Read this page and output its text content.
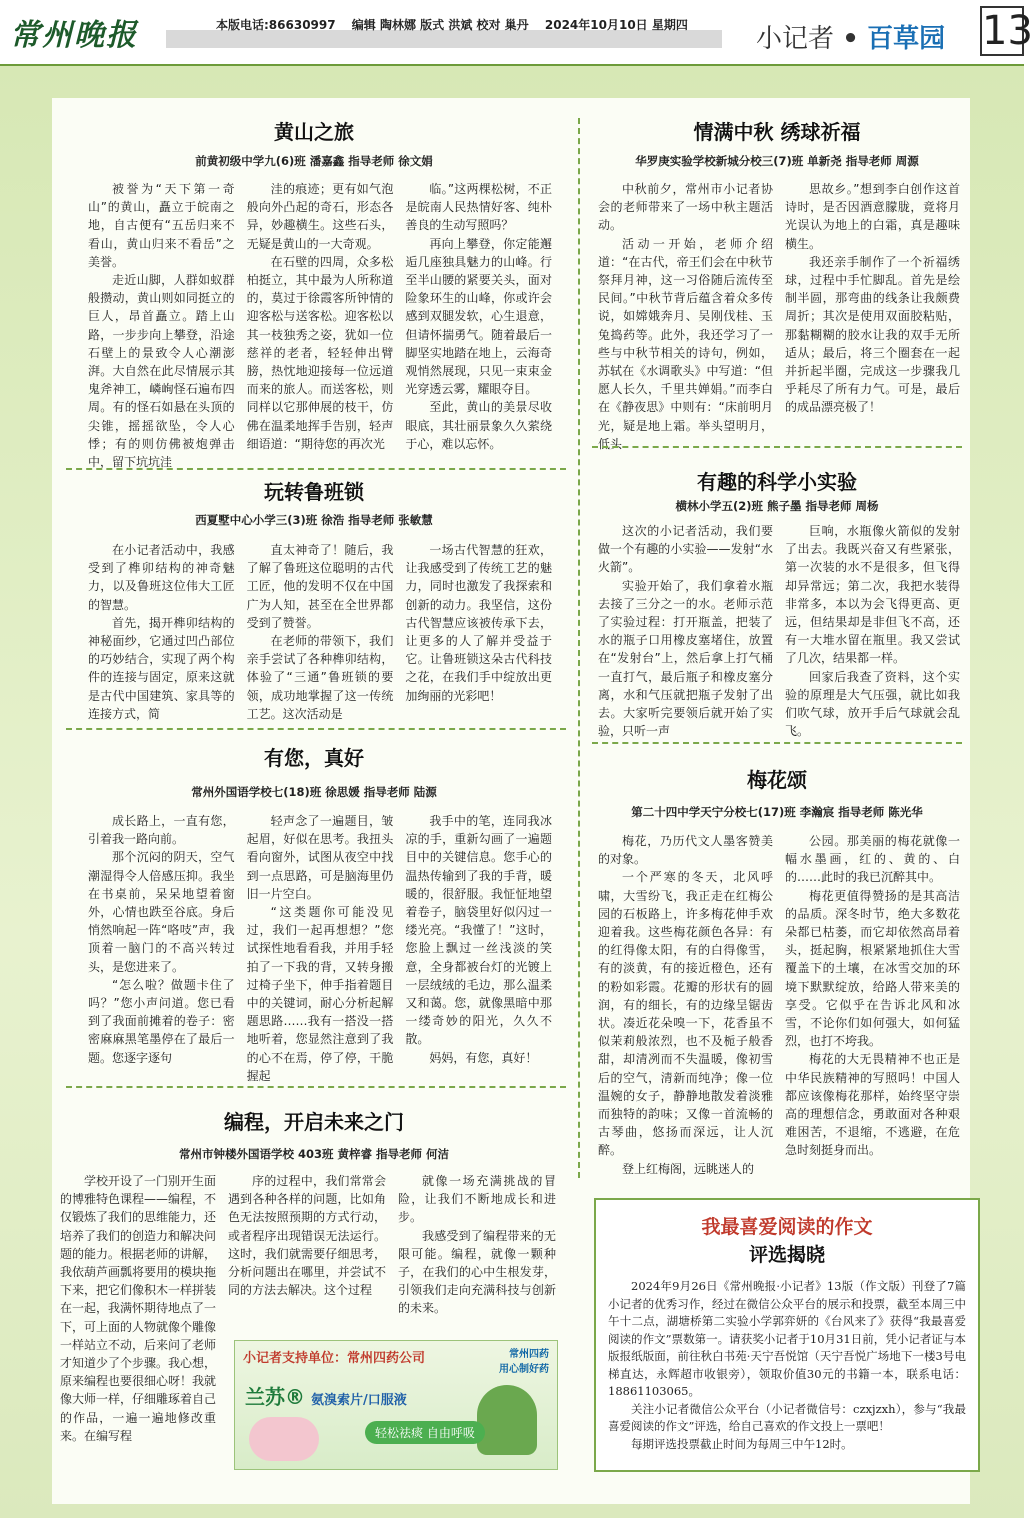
常州晚报	本版电话:86630997 编辑 陶林娜 版式 洪斌 校对 巢丹 2024年10月10日 星期四	小记者 • 百草园 13
黄山之旅
前黄初级中学九(6)班 潘嘉鑫 指导老师 徐文娟

被誉为“天下第一奇山”的黄山，矗立于皖南之地，自古便有“五岳归来不看山，黄山归来不看岳”之美誉。

走近山脚，人群如蚁群般攒动，黄山则如同挺立的巨人，昂首矗立。踏上山路，一步步向上攀登，沿途石壁上的景致令人心潮澎湃。大自然在此尽情展示其鬼斧神工，嶙峋怪石遍布四周。有的怪石如悬在头顶的尖锥，摇摇欲坠，令人心悸；有的则仿佛被炮弹击中，留下坑坑洼

洼的痕迹；更有如气泡般向外凸起的奇石，形态各异，妙趣横生。这些石头，无疑是黄山的一大奇观。

在石壁的四周，众多松柏挺立，其中最为人所称道的，莫过于徐霞客所钟情的迎客松与送客松。迎客松以其一枝独秀之姿，犹如一位慈祥的老者，轻轻伸出臂膀，热忱地迎接每一位远道而来的旅人。而送客松，则同样以它那伸展的枝干，仿佛在温柔地挥手告别，轻声细语道：“期待您的再次光

临。”这两棵松树，不正是皖南人民热情好客、纯朴善良的生动写照吗？

再向上攀登，你定能邂逅几座独具魅力的山峰。行至半山腰的紧要关头，面对险象环生的山峰，你或许会感到双腿发软，心生退意，但请怀揣勇气。随着最后一脚坚实地踏在地上，云海奇观悄然展现，只见一束束金光穿透云雾，耀眼夺目。

至此，黄山的美景尽收眼底，其壮丽景象久久萦绕于心，难以忘怀。

玩转鲁班锁
西夏墅中心小学三(3)班 徐浩 指导老师 张敏慧

在小记者活动中，我感受到了榫卯结构的神奇魅力，以及鲁班这位伟大工匠的智慧。

首先，揭开榫卯结构的神秘面纱，它通过凹凸部位的巧妙结合，实现了两个构件的连接与固定，原来这就是古代中国建筑、家具等的连接方式，简

直太神奇了！随后，我了解了鲁班这位聪明的古代工匠，他的发明不仅在中国广为人知，甚至在全世界都受到了赞誉。

在老师的带领下，我们亲手尝试了各种榫卯结构，体验了“三通”鲁班锁的要领，成功地掌握了这一传统工艺。这次活动是

一场古代智慧的狂欢，让我感受到了传统工艺的魅力，同时也激发了我探索和创新的动力。我坚信，这份古代智慧应该被传承下去，让更多的人了解并受益于它。让鲁班锁这朵古代科技之花，在我们手中绽放出更加绚丽的光彩吧！

有您，真好
常州外国语学校七(18)班 徐思媛 指导老师 陆源

成长路上，一直有您，引着我一路向前。

那个沉闷的阴天，空气潮湿得令人倍感压抑。我坐在书桌前，呆呆地望着窗外，心情也跌至谷底。身后悄然响起一阵“咯吱”声，我顶着一脑门的不高兴转过头，是您进来了。

“怎么啦？做题卡住了吗？”您小声问道。您已看到了我面前摊着的卷子：密密麻麻黑笔墨停在了最后一题。您逐字逐句

轻声念了一遍题目，皱起眉，好似在思考。我扭头看向窗外，试图从夜空中找到一点思路，可是脑海里仍旧一片空白。

“这类题你可能没见过，我们一起再想想？”您试探性地看看我，并用手轻拍了一下我的背，又转身搬过椅子坐下，伸手指着题目中的关键词，耐心分析起解题思路……我有一搭没一搭地听着，您显然注意到了我的心不在焉，停了停，干脆握起

我手中的笔，连同我冰凉的手，重新勾画了一遍题目中的关键信息。您手心的温热传输到了我的手背，暖暖的，很舒服。我怔怔地望着卷子，脑袋里好似闪过一缕光亮。“我懂了！”这时，您脸上飘过一丝浅淡的笑意，全身都被台灯的光镀上一层绒绒的毛边，那么温柔又和蔼。您，就像黑暗中那一缕奇妙的阳光，久久不散。

妈妈，有您，真好！

编程，开启未来之门
常州市钟楼外国语学校 403班 黄梓睿 指导老师 何洁

学校开设了一门别开生面的博雅特色课程——编程，不仅锻炼了我们的思维能力，还培养了我们的创造力和解决问题的能力。根据老师的讲解，我依葫芦画瓢将要用的模块拖下来，把它们像积木一样拼装在一起，我满怀期待地点了一下，可上面的人物就像个雕像一样站立不动，后来问了老师才知道少了个步骤。我心想，原来编程也要很细心呀！我就像大师一样，仔细雕琢着自己的作品，一遍一遍地修改重来。在编写程

序的过程中，我们常常会遇到各种各样的问题，比如角色无法按照预期的方式行动，或者程序出现错误无法运行。这时，我们就需要仔细思考，分析问题出在哪里，并尝试不同的方法去解决。这个过程

就像一场充满挑战的冒险，让我们不断地成长和进步。

我感受到了编程带来的无限可能。编程，就像一颗种子，在我们的心中生根发芽，引领我们走向充满科技与创新的未来。

小记者支持单位：常州四药公司	常州四药
用心制好药
兰苏® 氨溴索片/口服液
轻松祛痰 自由呼吸
情满中秋 绣球祈福
华罗庚实验学校新城分校三(7)班 单新尧 指导老师 周源

中秋前夕，常州市小记者协会的老师带来了一场中秋主题活动。

活动一开始，老师介绍道：“在古代，帝王们会在中秋节祭拜月神，这一习俗随后流传至民间。”中秋节背后蕴含着众多传说，如嫦娥奔月、吴刚伐桂、玉兔捣药等。此外，我还学习了一些与中秋节相关的诗句，例如，苏轼在《水调歌头》中写道：“但愿人长久，千里共婵娟。”而李白在《静夜思》中则有：“床前明月光，疑是地上霜。举头望明月，低头

思故乡。”想到李白创作这首诗时，是否因酒意朦胧，竟将月光误认为地上的白霜，真是趣味横生。

我还亲手制作了一个祈福绣球，过程中手忙脚乱。首先是绘制半圆，那弯曲的线条让我颇费周折；其次是使用双面胶粘贴，那黏糊糊的胶水让我的双手无所适从；最后，将三个圈套在一起并折起半圈，完成这一步骤我几乎耗尽了所有力气。可是，最后的成品漂亮极了！

有趣的科学小实验
横林小学五(2)班 熊子墨 指导老师 周杨

这次的小记者活动，我们要做一个有趣的小实验——发射“水火箭”。

实验开始了，我们拿着水瓶去接了三分之一的水。老师示范了实验过程：打开瓶盖，把装了水的瓶子口用橡皮塞堵住，放置在“发射台”上，然后拿上打气桶一直打气，最后瓶子和橡皮塞分离，水和气压就把瓶子发射了出去。大家听完要领后就开始了实验，只听一声

巨响，水瓶像火箭似的发射了出去。我既兴奋又有些紧张，第一次装的水不是很多，但飞得却异常远；第二次，我把水装得非常多，本以为会飞得更高、更远，但结果却是非但飞不高，还有一大堆水留在瓶里。我又尝试了几次，结果都一样。

回家后我查了资料，这个实验的原理是大气压强，就比如我们吹气球，放开手后气球就会乱飞。

梅花颂
第二十四中学天宁分校七(17)班 李瀚宸 指导老师 陈光华

梅花，乃历代文人墨客赞美的对象。

一个严寒的冬天，北风呼啸，大雪纷飞，我正走在红梅公园的石板路上，许多梅花伸手欢迎着我。这些梅花颜色各异：有的红得像太阳，有的白得像雪，有的淡黄，有的接近橙色，还有的粉如彩霞。花瓣的形状有的圆润，有的细长，有的边缘呈锯齿状。凑近花朵嗅一下，花香虽不似茉莉般浓烈，也不及栀子般香甜，却清冽而不失温暖，像初雪后的空气，清新而纯净；像一位温婉的女子，静静地散发着淡雅而独特的韵味；又像一首流畅的古琴曲，悠扬而深远，让人沉醉。

登上红梅阁，远眺迷人的

公园。那美丽的梅花就像一幅水墨画，红的、黄的、白的……此时的我已沉醉其中。

梅花更值得赞扬的是其高洁的品质。深冬时节，绝大多数花朵都已枯萎，而它却依然高昂着头，挺起胸，根紧紧地抓住大雪覆盖下的土壤，在冰雪交加的环境下默默绽放，给路人带来美的享受。它似乎在告诉北风和冰雪，不论你们如何强大，如何猛烈，也打不垮我。

梅花的大无畏精神不也正是中华民族精神的写照吗！中国人都应该像梅花那样，始终坚守崇高的理想信念，勇敢面对各种艰难困苦，不退缩，不逃避，在危急时刻挺身而出。

我最喜爱阅读的作文
评选揭晓

2024年9月26日《常州晚报·小记者》13版（作文版）刊登了7篇小记者的优秀习作，经过在微信公众平台的展示和投票，截至本周三中午十二点，湖塘桥第二实验小学郭弈妍的《台风来了》获得“我最喜爱阅读的作文”票数第一。请获奖小记者于10月31日前，凭小记者证与本版报纸版面，前往秋白书苑·天宁吾悦馆（天宁吾悦广场地下一楼3号电梯直达，永辉超市收银旁），领取价值30元的书籍一本，联系电话：18861103065。

关注小记者微信公众平台（小记者微信号：czxjzxh），参与“我最喜爱阅读的作文”评选，给自己喜欢的作文投上一票吧！

每期评选投票截止时间为每周三中午12时。
